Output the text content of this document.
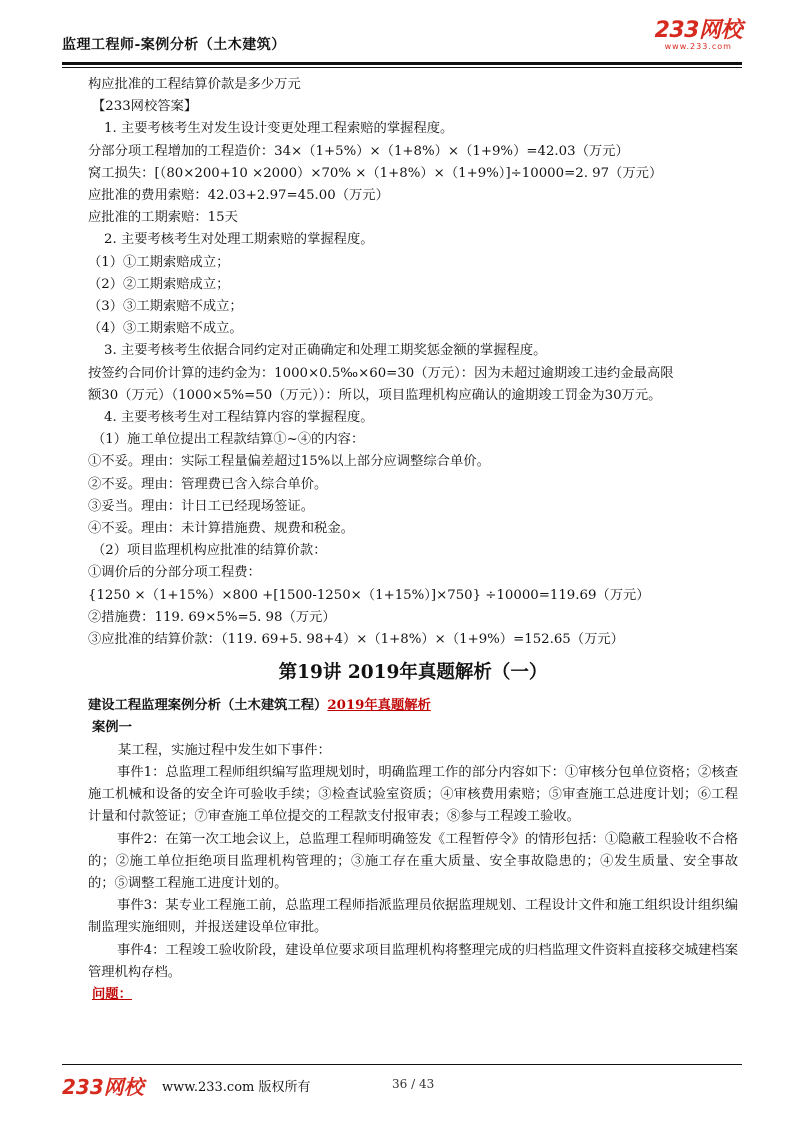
监理工程师-案例分析（土木建筑）
233网校
www.233.com

构应批准的工程结算价款是多少万元

【233网校答案】

1. 主要考核考生对发生设计变更处理工程索赔的掌握程度。

分部分项工程增加的工程造价：34×（1+5%）×（1+8%）×（1+9%）=42.03（万元）

窝工损失：[（80×200+10 ×2000）×70% ×（1+8%）×（1+9%）]÷10000=2. 97（万元）

应批准的费用索赔：42.03+2.97=45.00（万元）

应批准的工期索赔：15天

2. 主要考核考生对处理工期索赔的掌握程度。

（1）①工期索赔成立；

（2）②工期索赔成立；

（3）③工期索赔不成立；

（4）③工期索赔不成立。

3. 主要考核考生依据合同约定对正确确定和处理工期奖惩金额的掌握程度。

按签约合同价计算的违约金为：1000×0.5‰×60=30（万元）：因为未超过逾期竣工违约金最高限

额30（万元）（1000×5%=50（万元））：所以，项目监理机构应确认的逾期竣工罚金为30万元。

4. 主要考核考生对工程结算内容的掌握程度。

（1）施工单位提出工程款结算①~④的内容：

①不妥。理由：实际工程量偏差超过15%以上部分应调整综合单价。

②不妥。理由：管理费已含入综合单价。

③妥当。理由：计日工已经现场签证。

④不妥。理由：未计算措施费、规费和税金。

（2）项目监理机构应批准的结算价款：

①调价后的分部分项工程费：

{1250 ×（1+15%）×800 +[1500-1250×（1+15%）]×750} ÷10000=119.69（万元）

②措施费：119. 69×5%=5. 98（万元）

③应批准的结算价款：（119. 69+5. 98+4）×（1+8%）×（1+9%）=152.65（万元）

第19讲 2019年真题解析（一）

建设工程监理案例分析（土木建筑工程）2019年真题解析

案例一

某工程，实施过程中发生如下事件：

事件1：总监理工程师组织编写监理规划时，明确监理工作的部分内容如下：①审核分包单位资格；②核查施工机械和设备的安全许可验收手续；③检查试验室资质；④审核费用索赔；⑤审查施工总进度计划；⑥工程计量和付款签证；⑦审查施工单位提交的工程款支付报审表；⑧参与工程竣工验收。

事件2：在第一次工地会议上，总监理工程师明确签发《工程暂停令》的情形包括：①隐蔽工程验收不合格的；②施工单位拒绝项目监理机构管理的；③施工存在重大质量、安全事故隐患的；④发生质量、安全事故的；⑤调整工程施工进度计划的。

事件3：某专业工程施工前，总监理工程师指派监理员依据监理规划、工程设计文件和施工组织设计组织编制监理实施细则，并报送建设单位审批。

事件4：工程竣工验收阶段，建设单位要求项目监理机构将整理完成的归档监理文件资料直接移交城建档案管理机构存档。

问题：

233网校 www.233.com 版权所有	36 / 43
